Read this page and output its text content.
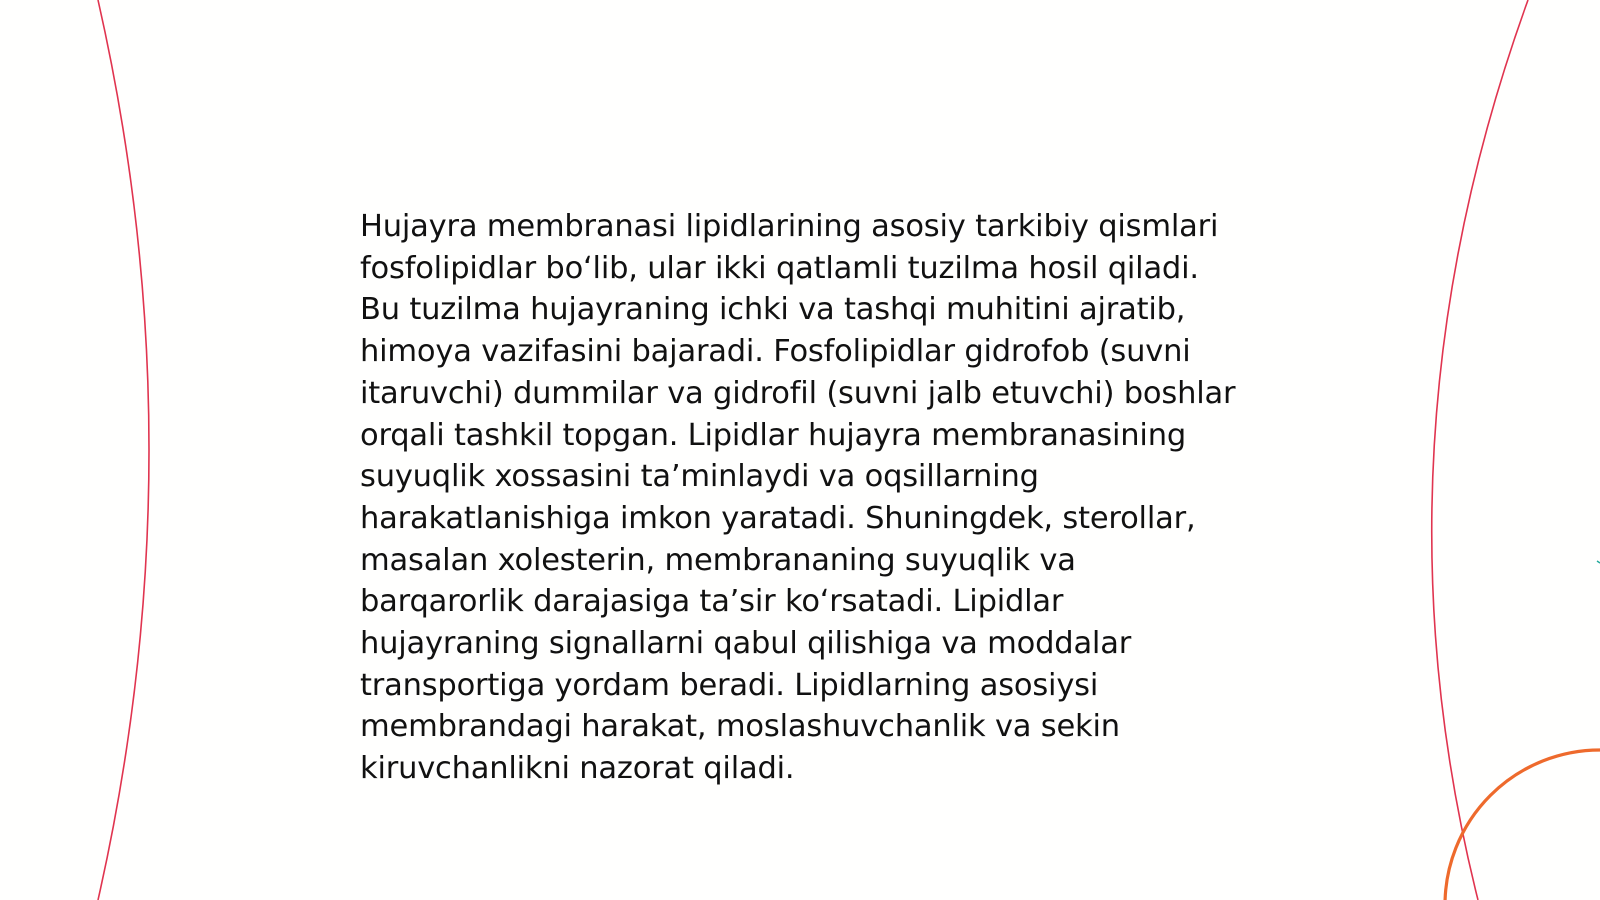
Hujayra membranasi lipidlarining asosiy tarkibiy qismlari fosfolipidlar bo‘lib, ular ikki qatlamli tuzilma hosil qiladi. Bu tuzilma hujayraning ichki va tashqi muhitini ajratib, himoya vazifasini bajaradi. Fosfolipidlar gidrofob (suvni itaruvchi) dummilar va gidrofil (suvni jalb etuvchi) boshlar orqali tashkil topgan. Lipidlar hujayra membranasining suyuqlik xossasini ta’minlaydi va oqsillarning harakatlanishiga imkon yaratadi. Shuningdek, sterollar, masalan xolesterin, membrananing suyuqlik va barqarorlik darajasiga ta’sir ko‘rsatadi. Lipidlar hujayraning signallarni qabul qilishiga va moddalar transportiga yordam beradi. Lipidlarning asosiysi membrandagi harakat, moslashuvchanlik va sekin kiruvchanlikni nazorat qiladi.
